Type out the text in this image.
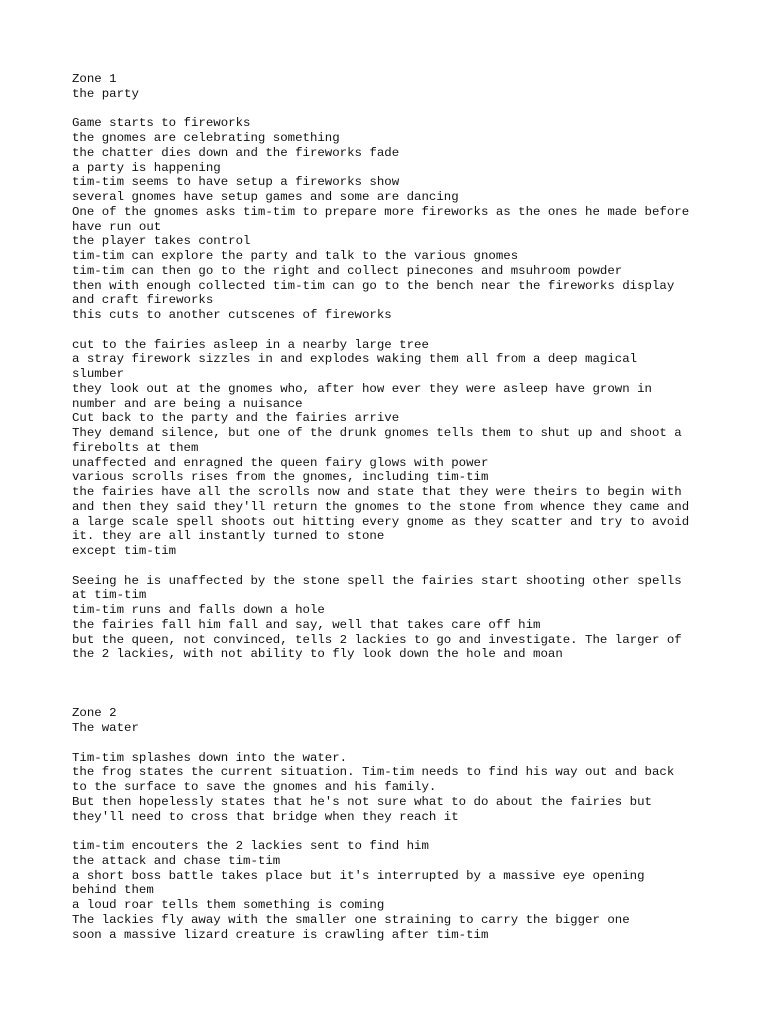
Zone 1
the party
Game starts to fireworks
the gnomes are celebrating something
the chatter dies down and the fireworks fade
a party is happening
tim-tim seems to have setup a fireworks show
several gnomes have setup games and some are dancing
One of the gnomes asks tim-tim to prepare more fireworks as the ones he made before
have run out
the player takes control
tim-tim can explore the party and talk to the various gnomes
tim-tim can then go to the right and collect pinecones and msuhroom powder
then with enough collected tim-tim can go to the bench near the fireworks display
and craft fireworks
this cuts to another cutscenes of fireworks
cut to the fairies asleep in a nearby large tree
a stray firework sizzles in and explodes waking them all from a deep magical
slumber
they look out at the gnomes who, after how ever they were asleep have grown in
number and are being a nuisance
Cut back to the party and the fairies arrive
They demand silence, but one of the drunk gnomes tells them to shut up and shoot a
firebolts at them
unaffected and enragned the queen fairy glows with power
various scrolls rises from the gnomes, including tim-tim
the fairies have all the scrolls now and state that they were theirs to begin with
and then they said they'll return the gnomes to the stone from whence they came and
a large scale spell shoots out hitting every gnome as they scatter and try to avoid
it. they are all instantly turned to stone
except tim-tim
Seeing he is unaffected by the stone spell the fairies start shooting other spells
at tim-tim
tim-tim runs and falls down a hole
the fairies fall him fall and say, well that takes care off him
but the queen, not convinced, tells 2 lackies to go and investigate. The larger of
the 2 lackies, with not ability to fly look down the hole and moan
Zone 2
The water
Tim-tim splashes down into the water.
the frog states the current situation. Tim-tim needs to find his way out and back
to the surface to save the gnomes and his family.
But then hopelessly states that he's not sure what to do about the fairies but
they'll need to cross that bridge when they reach it
tim-tim encouters the 2 lackies sent to find him
the attack and chase tim-tim
a short boss battle takes place but it's interrupted by a massive eye opening
behind them
a loud roar tells them something is coming
The lackies fly away with the smaller one straining to carry the bigger one
soon a massive lizard creature is crawling after tim-tim
